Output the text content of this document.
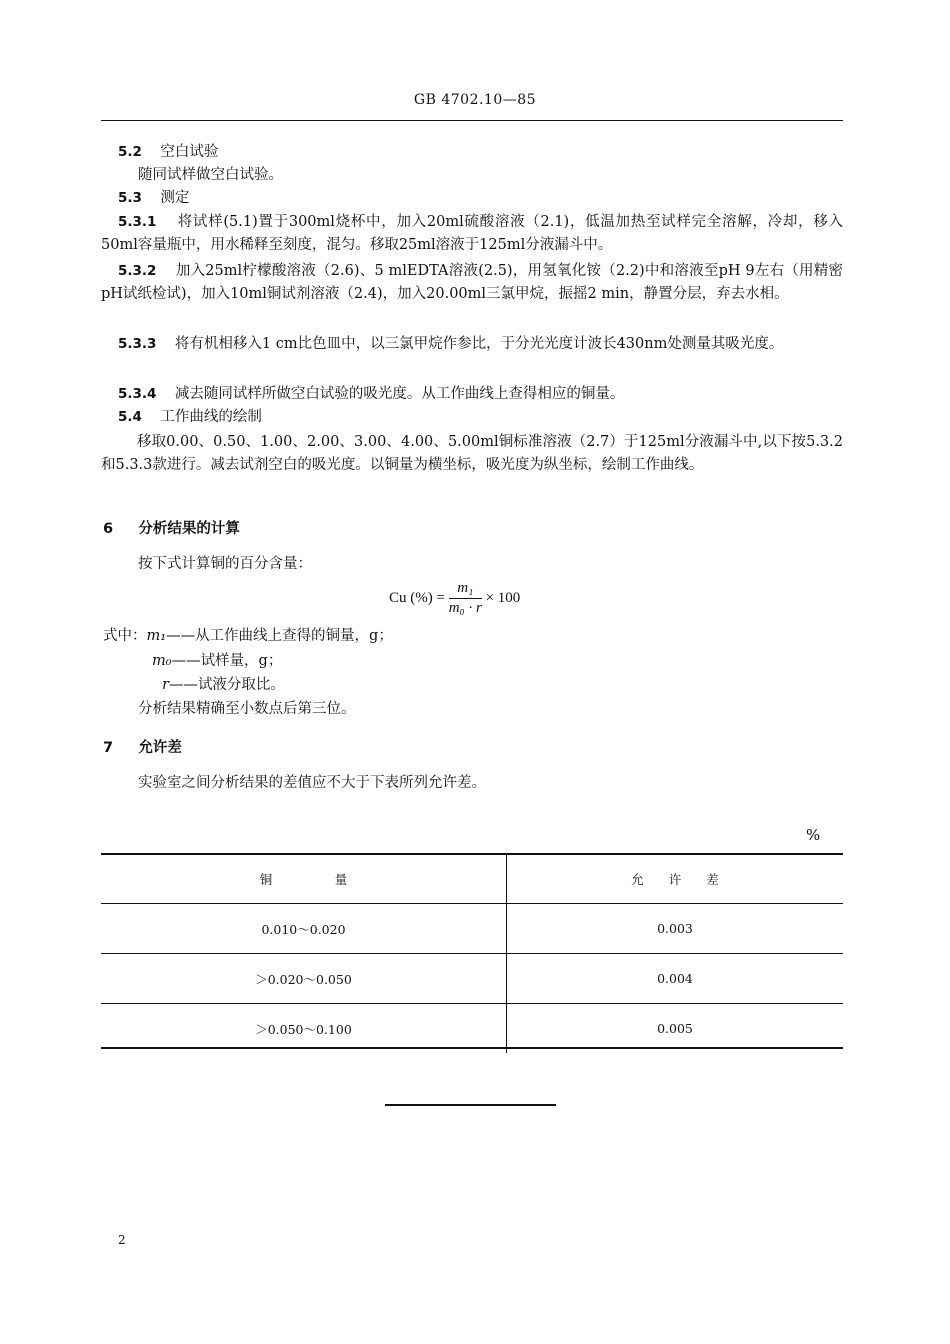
GB 4702.10—85
5.2 空白试验
随同试样做空白试验。
5.3 测定
5.3.1 将试样(5.1)置于300ml烧杯中，加入20ml硫酸溶液（2.1)，低温加热至试样完全溶解，冷却，移入50ml容量瓶中，用水稀释至刻度，混匀。移取25ml溶液于125ml分液漏斗中。
5.3.2 加入25ml柠檬酸溶液（2.6)、5 mlEDTA溶液(2.5)，用氢氧化铵（2.2)中和溶液至pH 9左右（用精密pH试纸检试)，加入10ml铜试剂溶液（2.4)，加入20.00ml三氯甲烷，振摇2 min，静置分层，弃去水相。
5.3.3 将有机相移入1 cm比色皿中，以三氯甲烷作参比，于分光光度计波长430nm处测量其吸光度。
5.3.4 减去随同试样所做空白试验的吸光度。从工作曲线上查得相应的铜量。
5.4 工作曲线的绘制
移取0.00、0.50、1.00、2.00、3.00、4.00、5.00ml铜标准溶液（2.7）于125ml分液漏斗中,以下按5.3.2和5.3.3款进行。减去试剂空白的吸光度。以铜量为横坐标，吸光度为纵坐标，绘制工作曲线。
6 分析结果的计算
按下式计算铜的百分含量：
Cu (%) = $\frac{\text{m₁}}{\text{m₀ · r}} \times 100$
式中：m₁——从工作曲线上查得的铜量，g；
m₀——试样量，g；
r——试液分取比。
分析结果精确至小数点后第三位。
7 允许差
实验室之间分析结果的差值应不大于下表所列允许差。
%
铜　　　　　量	允　　许　　差
0.010～0.020	0.003
＞0.020～0.050	0.004
＞0.050～0.100	0.005
2
